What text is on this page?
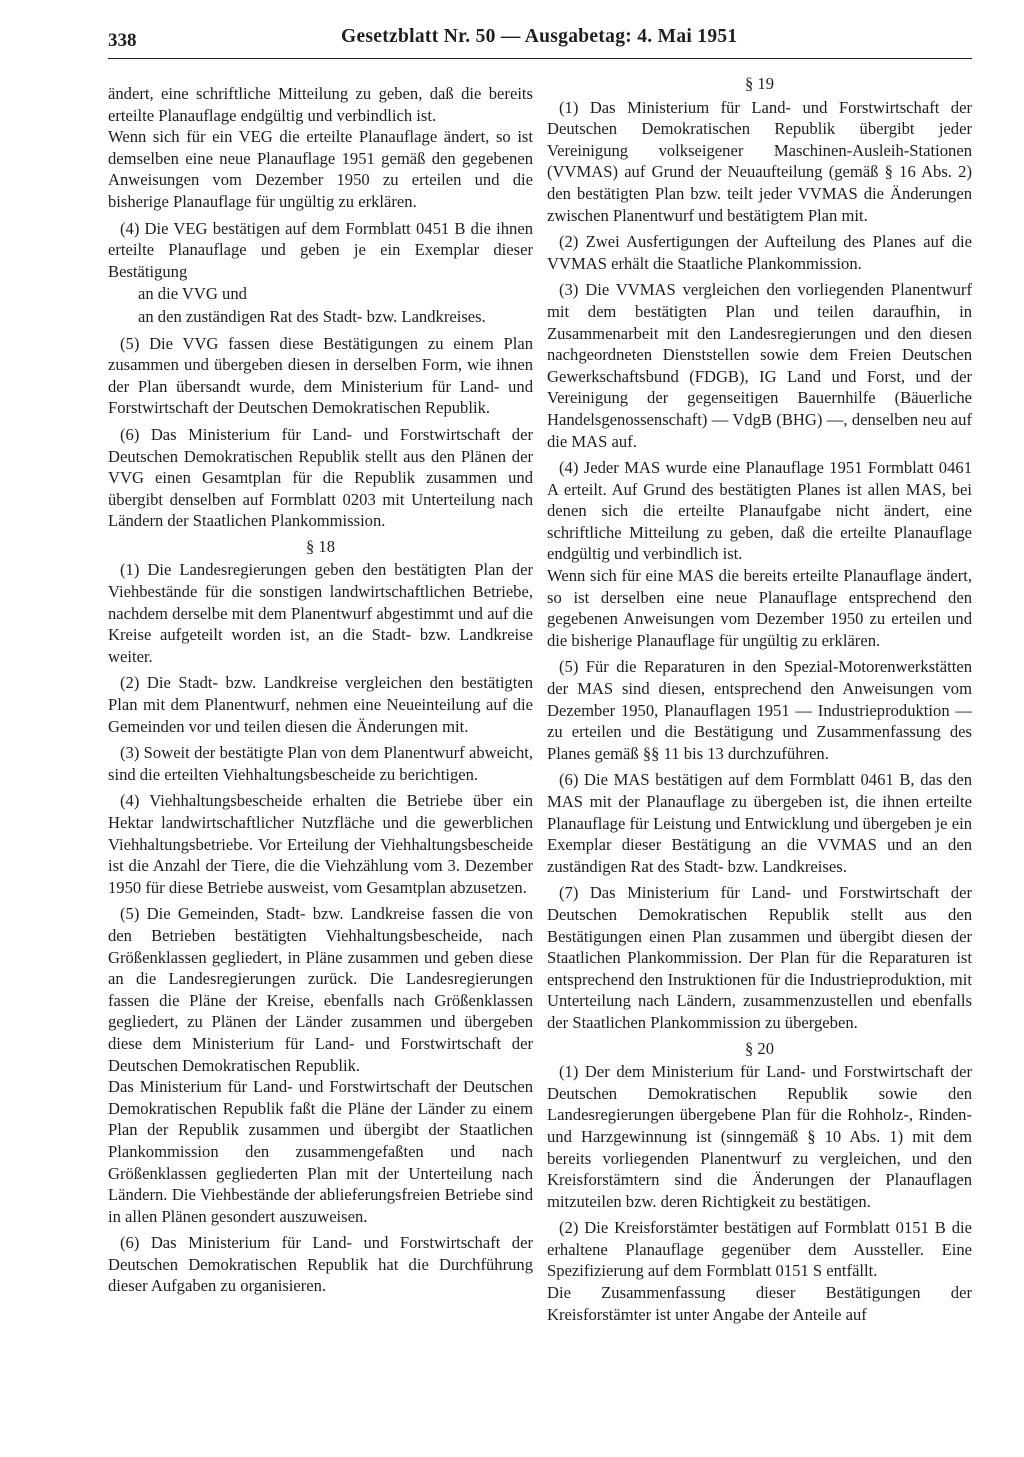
338	Gesetzblatt Nr. 50 — Ausgabetag: 4. Mai 1951

ändert, eine schriftliche Mitteilung zu geben, daß die bereits erteilte Planauflage endgültig und verbindlich ist.

Wenn sich für ein VEG die erteilte Planauflage ändert, so ist demselben eine neue Planauflage 1951 gemäß den gegebenen Anweisungen vom Dezember 1950 zu erteilen und die bisherige Planauflage für ungültig zu erklären.

(4) Die VEG bestätigen auf dem Formblatt 0451 B die ihnen erteilte Planauflage und geben je ein Exemplar dieser Bestätigung

an die VVG und

an den zuständigen Rat des Stadt- bzw. Landkreises.

(5) Die VVG fassen diese Bestätigungen zu einem Plan zusammen und übergeben diesen in derselben Form, wie ihnen der Plan übersandt wurde, dem Ministerium für Land- und Forstwirtschaft der Deutschen Demokratischen Republik.

(6) Das Ministerium für Land- und Forstwirtschaft der Deutschen Demokratischen Republik stellt aus den Plänen der VVG einen Gesamtplan für die Republik zusammen und übergibt denselben auf Formblatt 0203 mit Unterteilung nach Ländern der Staatlichen Plankommission.

§ 18

(1) Die Landesregierungen geben den bestätigten Plan der Viehbestände für die sonstigen landwirtschaftlichen Betriebe, nachdem derselbe mit dem Planentwurf abgestimmt und auf die Kreise aufgeteilt worden ist, an die Stadt- bzw. Landkreise weiter.

(2) Die Stadt- bzw. Landkreise vergleichen den bestätigten Plan mit dem Planentwurf, nehmen eine Neueinteilung auf die Gemeinden vor und teilen diesen die Änderungen mit.

(3) Soweit der bestätigte Plan von dem Planentwurf abweicht, sind die erteilten Viehhaltungsbescheide zu berichtigen.

(4) Viehhaltungsbescheide erhalten die Betriebe über ein Hektar landwirtschaftlicher Nutzfläche und die gewerblichen Viehhaltungsbetriebe. Vor Erteilung der Viehhaltungsbescheide ist die Anzahl der Tiere, die die Viehzählung vom 3. Dezember 1950 für diese Betriebe ausweist, vom Gesamtplan abzusetzen.

(5) Die Gemeinden, Stadt- bzw. Landkreise fassen die von den Betrieben bestätigten Viehhaltungsbescheide, nach Größenklassen gegliedert, in Pläne zusammen und geben diese an die Landesregierungen zurück. Die Landesregierungen fassen die Pläne der Kreise, ebenfalls nach Größenklassen gegliedert, zu Plänen der Länder zusammen und übergeben diese dem Ministerium für Land- und Forstwirtschaft der Deutschen Demokratischen Republik.

Das Ministerium für Land- und Forstwirtschaft der Deutschen Demokratischen Republik faßt die Pläne der Länder zu einem Plan der Republik zusammen und übergibt der Staatlichen Plankommission den zusammengefaßten und nach Größenklassen gegliederten Plan mit der Unterteilung nach Ländern. Die Viehbestände der ablieferungsfreien Betriebe sind in allen Plänen gesondert auszuweisen.

(6) Das Ministerium für Land- und Forstwirtschaft der Deutschen Demokratischen Republik hat die Durchführung dieser Aufgaben zu organisieren.

§ 19

(1) Das Ministerium für Land- und Forstwirtschaft der Deutschen Demokratischen Republik übergibt jeder Vereinigung volkseigener Maschinen-Ausleih-Stationen (VVMAS) auf Grund der Neuaufteilung (gemäß § 16 Abs. 2) den bestätigten Plan bzw. teilt jeder VVMAS die Änderungen zwischen Planentwurf und bestätigtem Plan mit.

(2) Zwei Ausfertigungen der Aufteilung des Planes auf die VVMAS erhält die Staatliche Plankommission.

(3) Die VVMAS vergleichen den vorliegenden Planentwurf mit dem bestätigten Plan und teilen daraufhin, in Zusammenarbeit mit den Landesregierungen und den diesen nachgeordneten Dienststellen sowie dem Freien Deutschen Gewerkschaftsbund (FDGB), IG Land und Forst, und der Vereinigung der gegenseitigen Bauernhilfe (Bäuerliche Handelsgenossenschaft) — VdgB (BHG) —, denselben neu auf die MAS auf.

(4) Jeder MAS wurde eine Planauflage 1951 Formblatt 0461 A erteilt. Auf Grund des bestätigten Planes ist allen MAS, bei denen sich die erteilte Planaufgabe nicht ändert, eine schriftliche Mitteilung zu geben, daß die erteilte Planauflage endgültig und verbindlich ist.

Wenn sich für eine MAS die bereits erteilte Planauflage ändert, so ist derselben eine neue Planauflage entsprechend den gegebenen Anweisungen vom Dezember 1950 zu erteilen und die bisherige Planauflage für ungültig zu erklären.

(5) Für die Reparaturen in den Spezial-Motorenwerkstätten der MAS sind diesen, entsprechend den Anweisungen vom Dezember 1950, Planauflagen 1951 — Industrieproduktion — zu erteilen und die Bestätigung und Zusammenfassung des Planes gemäß §§ 11 bis 13 durchzuführen.

(6) Die MAS bestätigen auf dem Formblatt 0461 B, das den MAS mit der Planauflage zu übergeben ist, die ihnen erteilte Planauflage für Leistung und Entwicklung und übergeben je ein Exemplar dieser Bestätigung an die VVMAS und an den zuständigen Rat des Stadt- bzw. Landkreises.

(7) Das Ministerium für Land- und Forstwirtschaft der Deutschen Demokratischen Republik stellt aus den Bestätigungen einen Plan zusammen und übergibt diesen der Staatlichen Plankommission. Der Plan für die Reparaturen ist entsprechend den Instruktionen für die Industrieproduktion, mit Unterteilung nach Ländern, zusammenzustellen und ebenfalls der Staatlichen Plankommission zu übergeben.

§ 20

(1) Der dem Ministerium für Land- und Forstwirtschaft der Deutschen Demokratischen Republik sowie den Landesregierungen übergebene Plan für die Rohholz-, Rinden- und Harzgewinnung ist (sinngemäß § 10 Abs. 1) mit dem bereits vorliegenden Planentwurf zu vergleichen, und den Kreisforstämtern sind die Änderungen der Planauflagen mitzuteilen bzw. deren Richtigkeit zu bestätigen.

(2) Die Kreisforstämter bestätigen auf Formblatt 0151 B die erhaltene Planauflage gegenüber dem Aussteller. Eine Spezifizierung auf dem Formblatt 0151 S entfällt.

Die Zusammenfassung dieser Bestätigungen der Kreisforstämter ist unter Angabe der Anteile auf
